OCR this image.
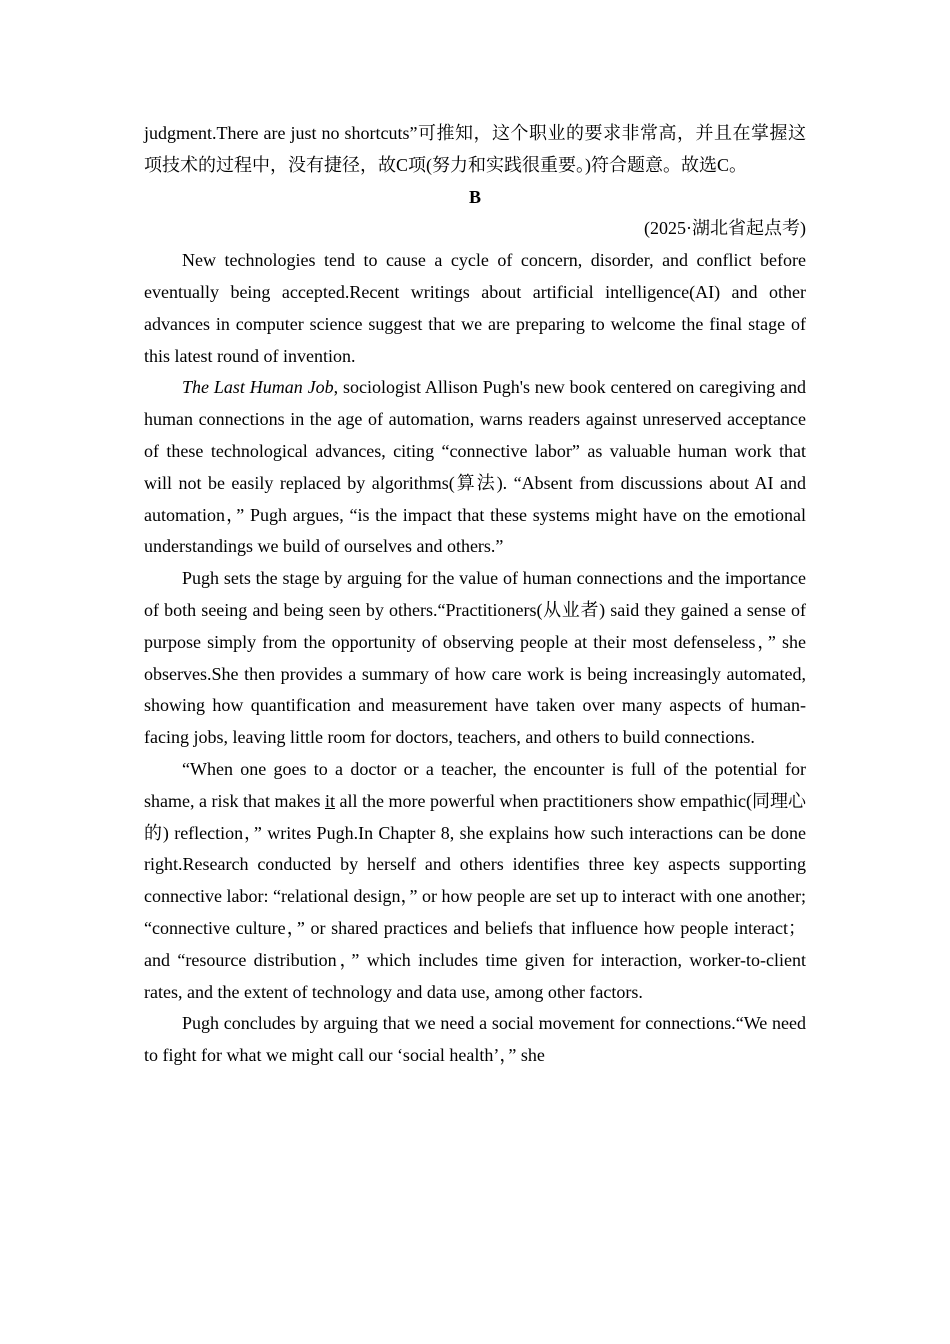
judgment.There are just no shortcuts”可推知，这个职业的要求非常高，并且在掌握这项技术的过程中，没有捷径，故C项(努力和实践很重要。)符合题意。故选C。

B

(2025·湖北省起点考)

New technologies tend to cause a cycle of concern, disorder, and conflict before eventually being accepted.Recent writings about artificial intelligence(AI) and other advances in computer science suggest that we are preparing to welcome the final stage of this latest round of invention.

The Last Human Job, sociologist Allison Pugh's new book centered on caregiving and human connections in the age of automation, warns readers against unreserved acceptance of these technological advances, citing “connective labor” as valuable human work that will not be easily replaced by algorithms(算法). “Absent from discussions about AI and automation，” Pugh argues, “is the impact that these systems might have on the emotional understandings we build of ourselves and others.”

Pugh sets the stage by arguing for the value of human connections and the importance of both seeing and being seen by others.“Practitioners(从业者) said they gained a sense of purpose simply from the opportunity of observing people at their most defenseless，” she observes.She then provides a summary of how care work is being increasingly automated, showing how quantification and measurement have taken over many aspects of human-facing jobs, leaving little room for doctors, teachers, and others to build connections.

“When one goes to a doctor or a teacher, the encounter is full of the potential for shame, a risk that makes it all the more powerful when practitioners show empathic(同理心的) reflection，” writes Pugh.In Chapter 8, she explains how such interactions can be done right.Research conducted by herself and others identifies three key aspects supporting connective labor: “relational design，” or how people are set up to interact with one another; “connective culture，” or shared practices and beliefs that influence how people interact； and “resource distribution，” which includes time given for interaction, worker-to-client rates, and the extent of technology and data use, among other factors.

Pugh concludes by arguing that we need a social movement for connections.“We need to fight for what we might call our ‘social health’，” she
